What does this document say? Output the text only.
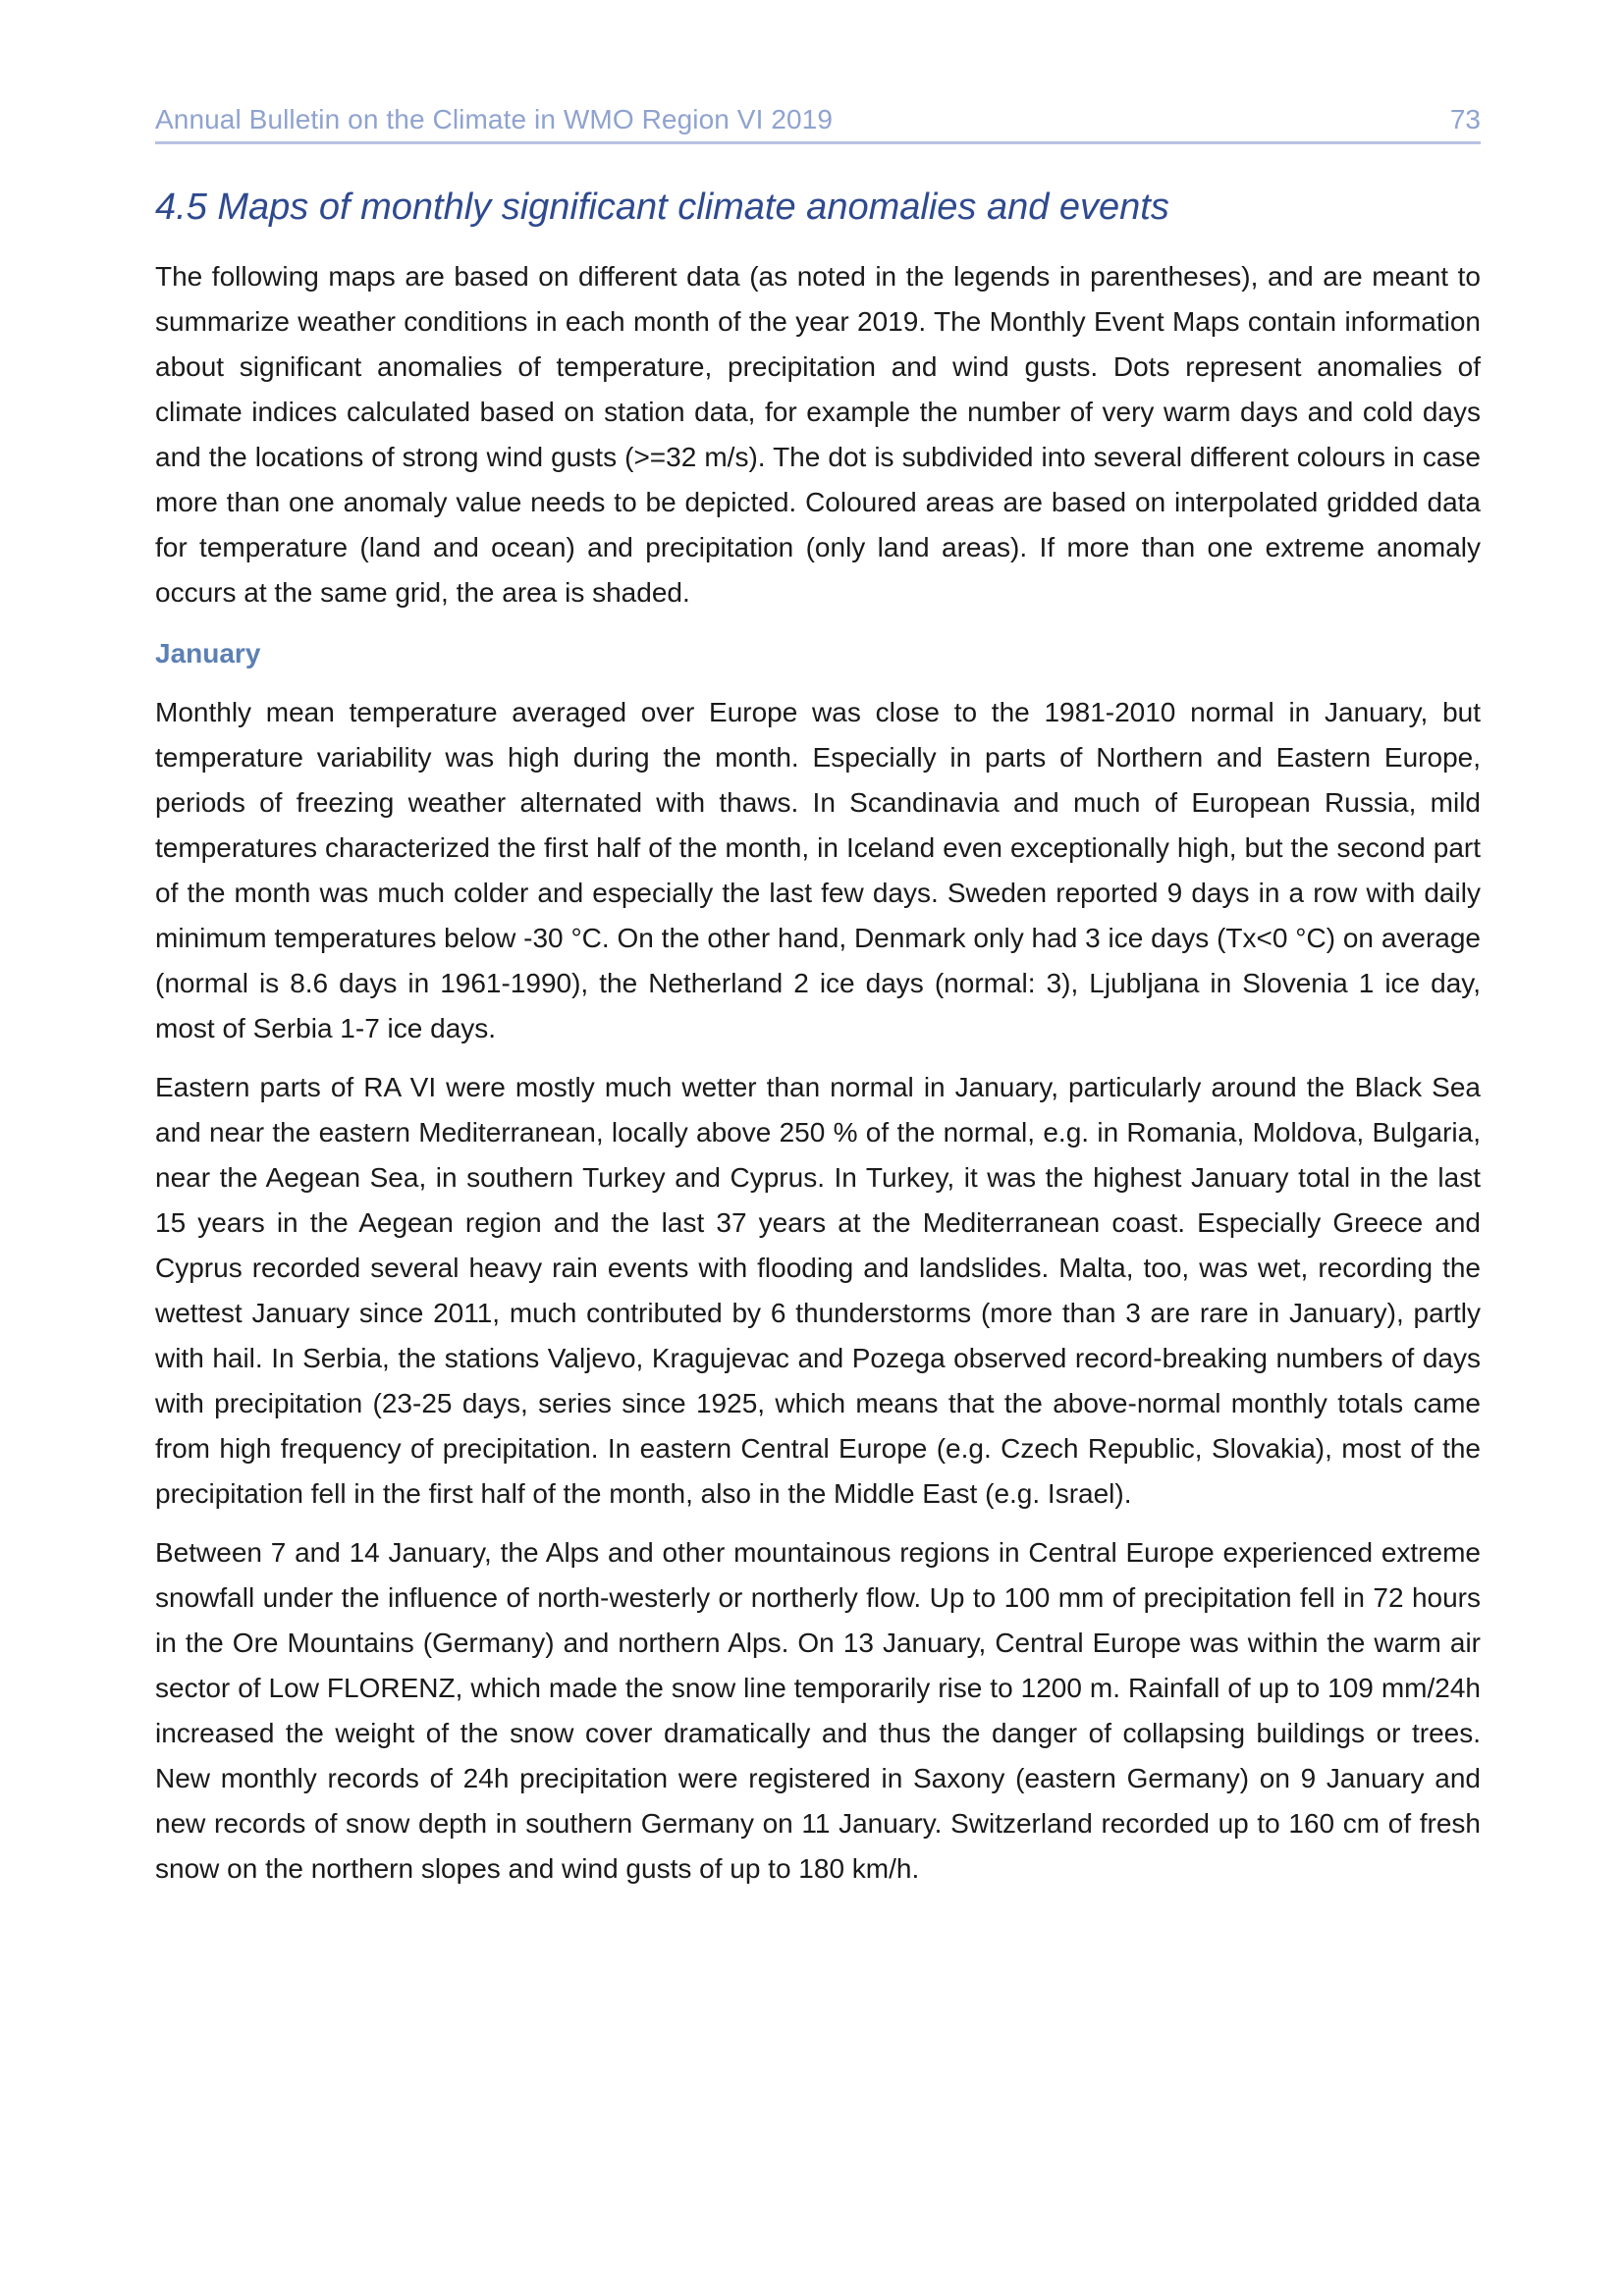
Annual Bulletin on the Climate in WMO Region VI 2019	73
4.5 Maps of monthly significant climate anomalies and events

The following maps are based on different data (as noted in the legends in parentheses), and are meant to summarize weather conditions in each month of the year 2019. The Monthly Event Maps contain information about significant anomalies of temperature, precipitation and wind gusts. Dots represent anomalies of climate indices calculated based on station data, for example the number of very warm days and cold days and the locations of strong wind gusts (>=32 m/s). The dot is subdivided into several different colours in case more than one anomaly value needs to be depicted. Coloured areas are based on interpolated gridded data for temperature (land and ocean) and precipitation (only land areas). If more than one extreme anomaly occurs at the same grid, the area is shaded.

January

Monthly mean temperature averaged over Europe was close to the 1981-2010 normal in January, but temperature variability was high during the month. Especially in parts of Northern and Eastern Europe, periods of freezing weather alternated with thaws. In Scandinavia and much of European Russia, mild temperatures characterized the first half of the month, in Iceland even exceptionally high, but the second part of the month was much colder and especially the last few days. Sweden reported 9 days in a row with daily minimum temperatures below -30 °C. On the other hand, Denmark only had 3 ice days (Tx<0 °C) on average (normal is 8.6 days in 1961-1990), the Netherland 2 ice days (normal: 3), Ljubljana in Slovenia 1 ice day, most of Serbia 1-7 ice days.

Eastern parts of RA VI were mostly much wetter than normal in January, particularly around the Black Sea and near the eastern Mediterranean, locally above 250 % of the normal, e.g. in Romania, Moldova, Bulgaria, near the Aegean Sea, in southern Turkey and Cyprus. In Turkey, it was the highest January total in the last 15 years in the Aegean region and the last 37 years at the Mediterranean coast. Especially Greece and Cyprus recorded several heavy rain events with flooding and landslides. Malta, too, was wet, recording the wettest January since 2011, much contributed by 6 thunderstorms (more than 3 are rare in January), partly with hail. In Serbia, the stations Valjevo, Kragujevac and Pozega observed record-breaking numbers of days with precipitation (23-25 days, series since 1925, which means that the above-normal monthly totals came from high frequency of precipitation. In eastern Central Europe (e.g. Czech Republic, Slovakia), most of the precipitation fell in the first half of the month, also in the Middle East (e.g. Israel).

Between 7 and 14 January, the Alps and other mountainous regions in Central Europe experienced extreme snowfall under the influence of north-westerly or northerly flow. Up to 100 mm of precipitation fell in 72 hours in the Ore Mountains (Germany) and northern Alps. On 13 January, Central Europe was within the warm air sector of Low FLORENZ, which made the snow line temporarily rise to 1200 m. Rainfall of up to 109 mm/24h increased the weight of the snow cover dramatically and thus the danger of collapsing buildings or trees. New monthly records of 24h precipitation were registered in Saxony (eastern Germany) on 9 January and new records of snow depth in southern Germany on 11 January. Switzerland recorded up to 160 cm of fresh snow on the northern slopes and wind gusts of up to 180 km/h.
